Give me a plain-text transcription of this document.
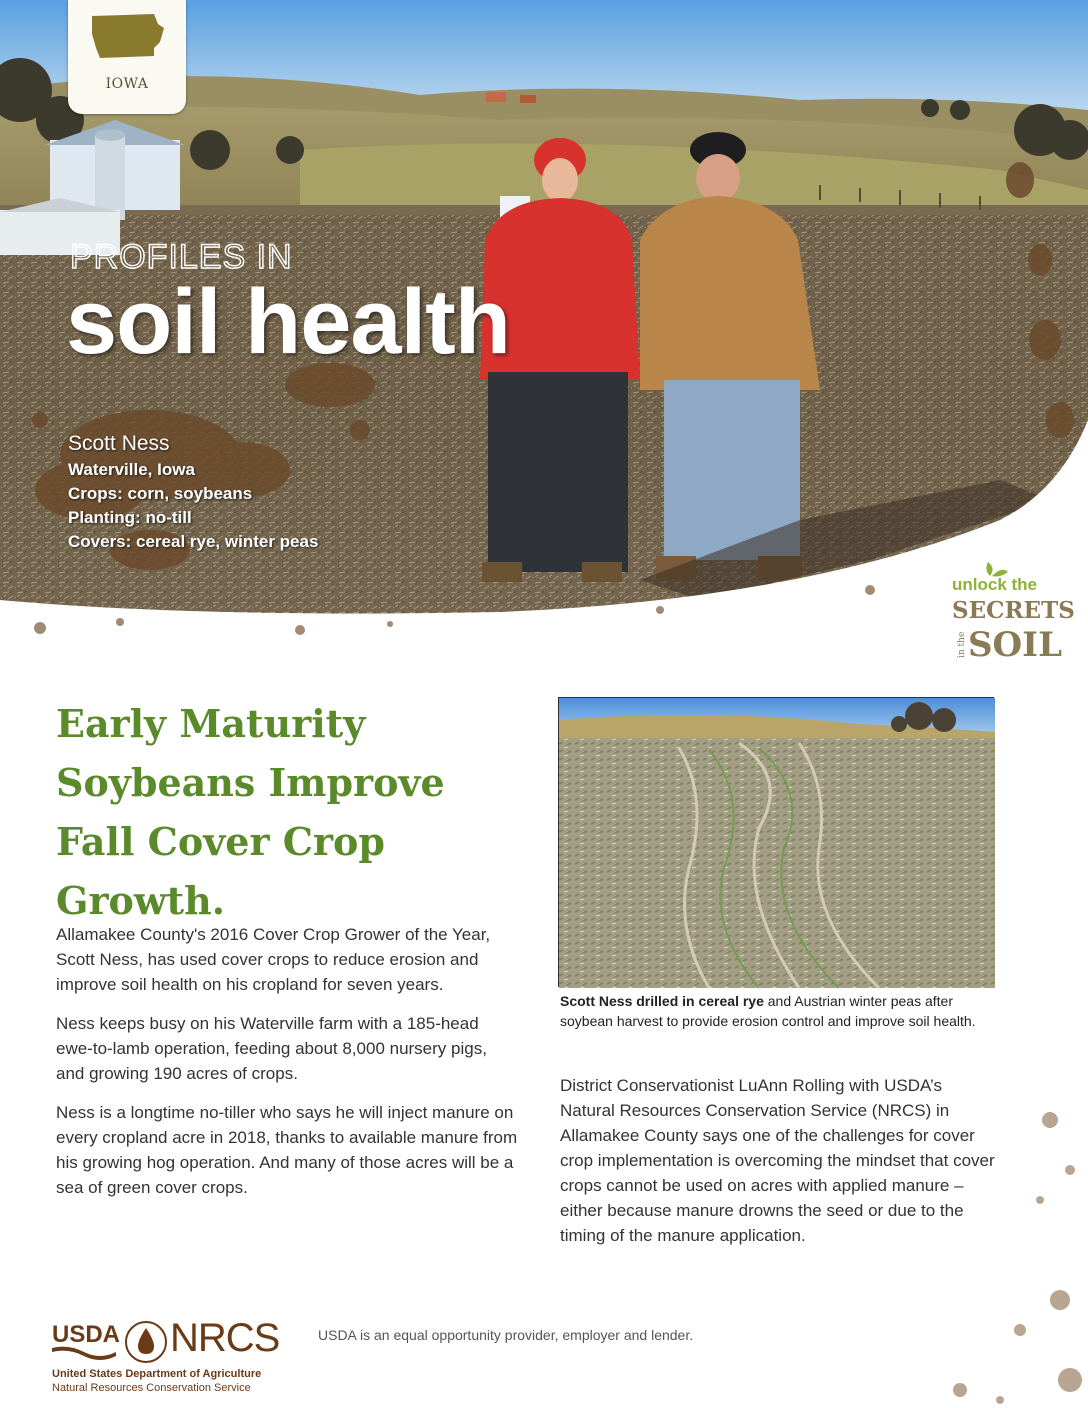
IOWA
PROFILES IN
soil health
Scott Ness
Waterville, Iowa
Crops: corn, soybeans
Planting: no-till
Covers: cereal rye, winter peas
unlock the
SECRETS
in the SOIL
Early Maturity
Soybeans Improve
Fall Cover Crop
Growth.

Allamakee County's 2016 Cover Crop Grower of the Year, Scott Ness, has used cover crops to reduce erosion and improve soil health on his cropland for seven years.

Ness keeps busy on his Waterville farm with a 185-head ewe-to-lamb operation, feeding about 8,000 nursery pigs, and growing 190 acres of crops.

Ness is a longtime no-tiller who says he will inject manure on every cropland acre in 2018, thanks to available manure from his growing hog operation. And many of those acres will be a sea of green cover crops.

Scott Ness drilled in cereal rye and Austrian winter peas after soybean harvest to provide erosion control and improve soil health.

District Conservationist LuAnn Rolling with USDA’s Natural Resources Conservation Service (NRCS) in Allamakee County says one of the challenges for cover crop implementation is overcoming the mindset that cover crops cannot be used on acres with applied manure – either because manure drowns the seed or due to the timing of the manure application.

USDA NRCS
United States Department of Agriculture
Natural Resources Conservation Service
USDA is an equal opportunity provider, employer and lender.
